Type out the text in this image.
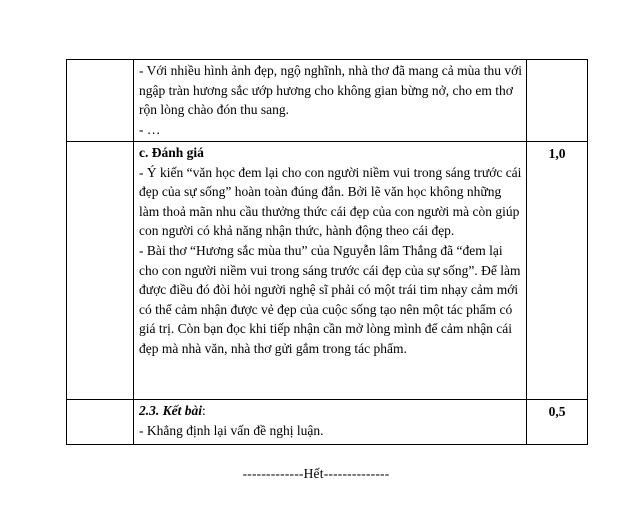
	- Với nhiều hình ảnh đẹp, ngộ nghĩnh, nhà thơ đã mang cả mùa thu với ngập tràn hương sắc ướp hương cho không gian bừng nở, cho em thơ rộn lòng chào đón thu sang.

- …	

	c. Đánh giá

- Ý kiến “văn học đem lại cho con người niềm vui trong sáng trước cái đẹp của sự sống” hoàn toàn đúng đắn. Bởi lẽ văn học không những làm thoả mãn nhu cầu thưởng thức cái đẹp của con người mà còn giúp con người có khả năng nhận thức, hành động theo cái đẹp.

- Bài thơ “Hương sắc mùa thu” của Nguyễn lâm Thắng đã “đem lại cho con người niềm vui trong sáng trước cái đẹp của sự sống”. Để làm được điều đó đòi hỏi người nghệ sĩ phải có một trái tim nhạy cảm mới có thể cảm nhận được vẻ đẹp của cuộc sống tạo nên một tác phẩm có giá trị. Còn bạn đọc khi tiếp nhận cần mở lòng mình để cảm nhận cái đẹp mà nhà văn, nhà thơ gửi gắm trong tác phẩm.	1,0

	2.3. Kết bài:

- Khẳng định lại vấn đề nghị luận.	0,5
-------------Hết--------------
